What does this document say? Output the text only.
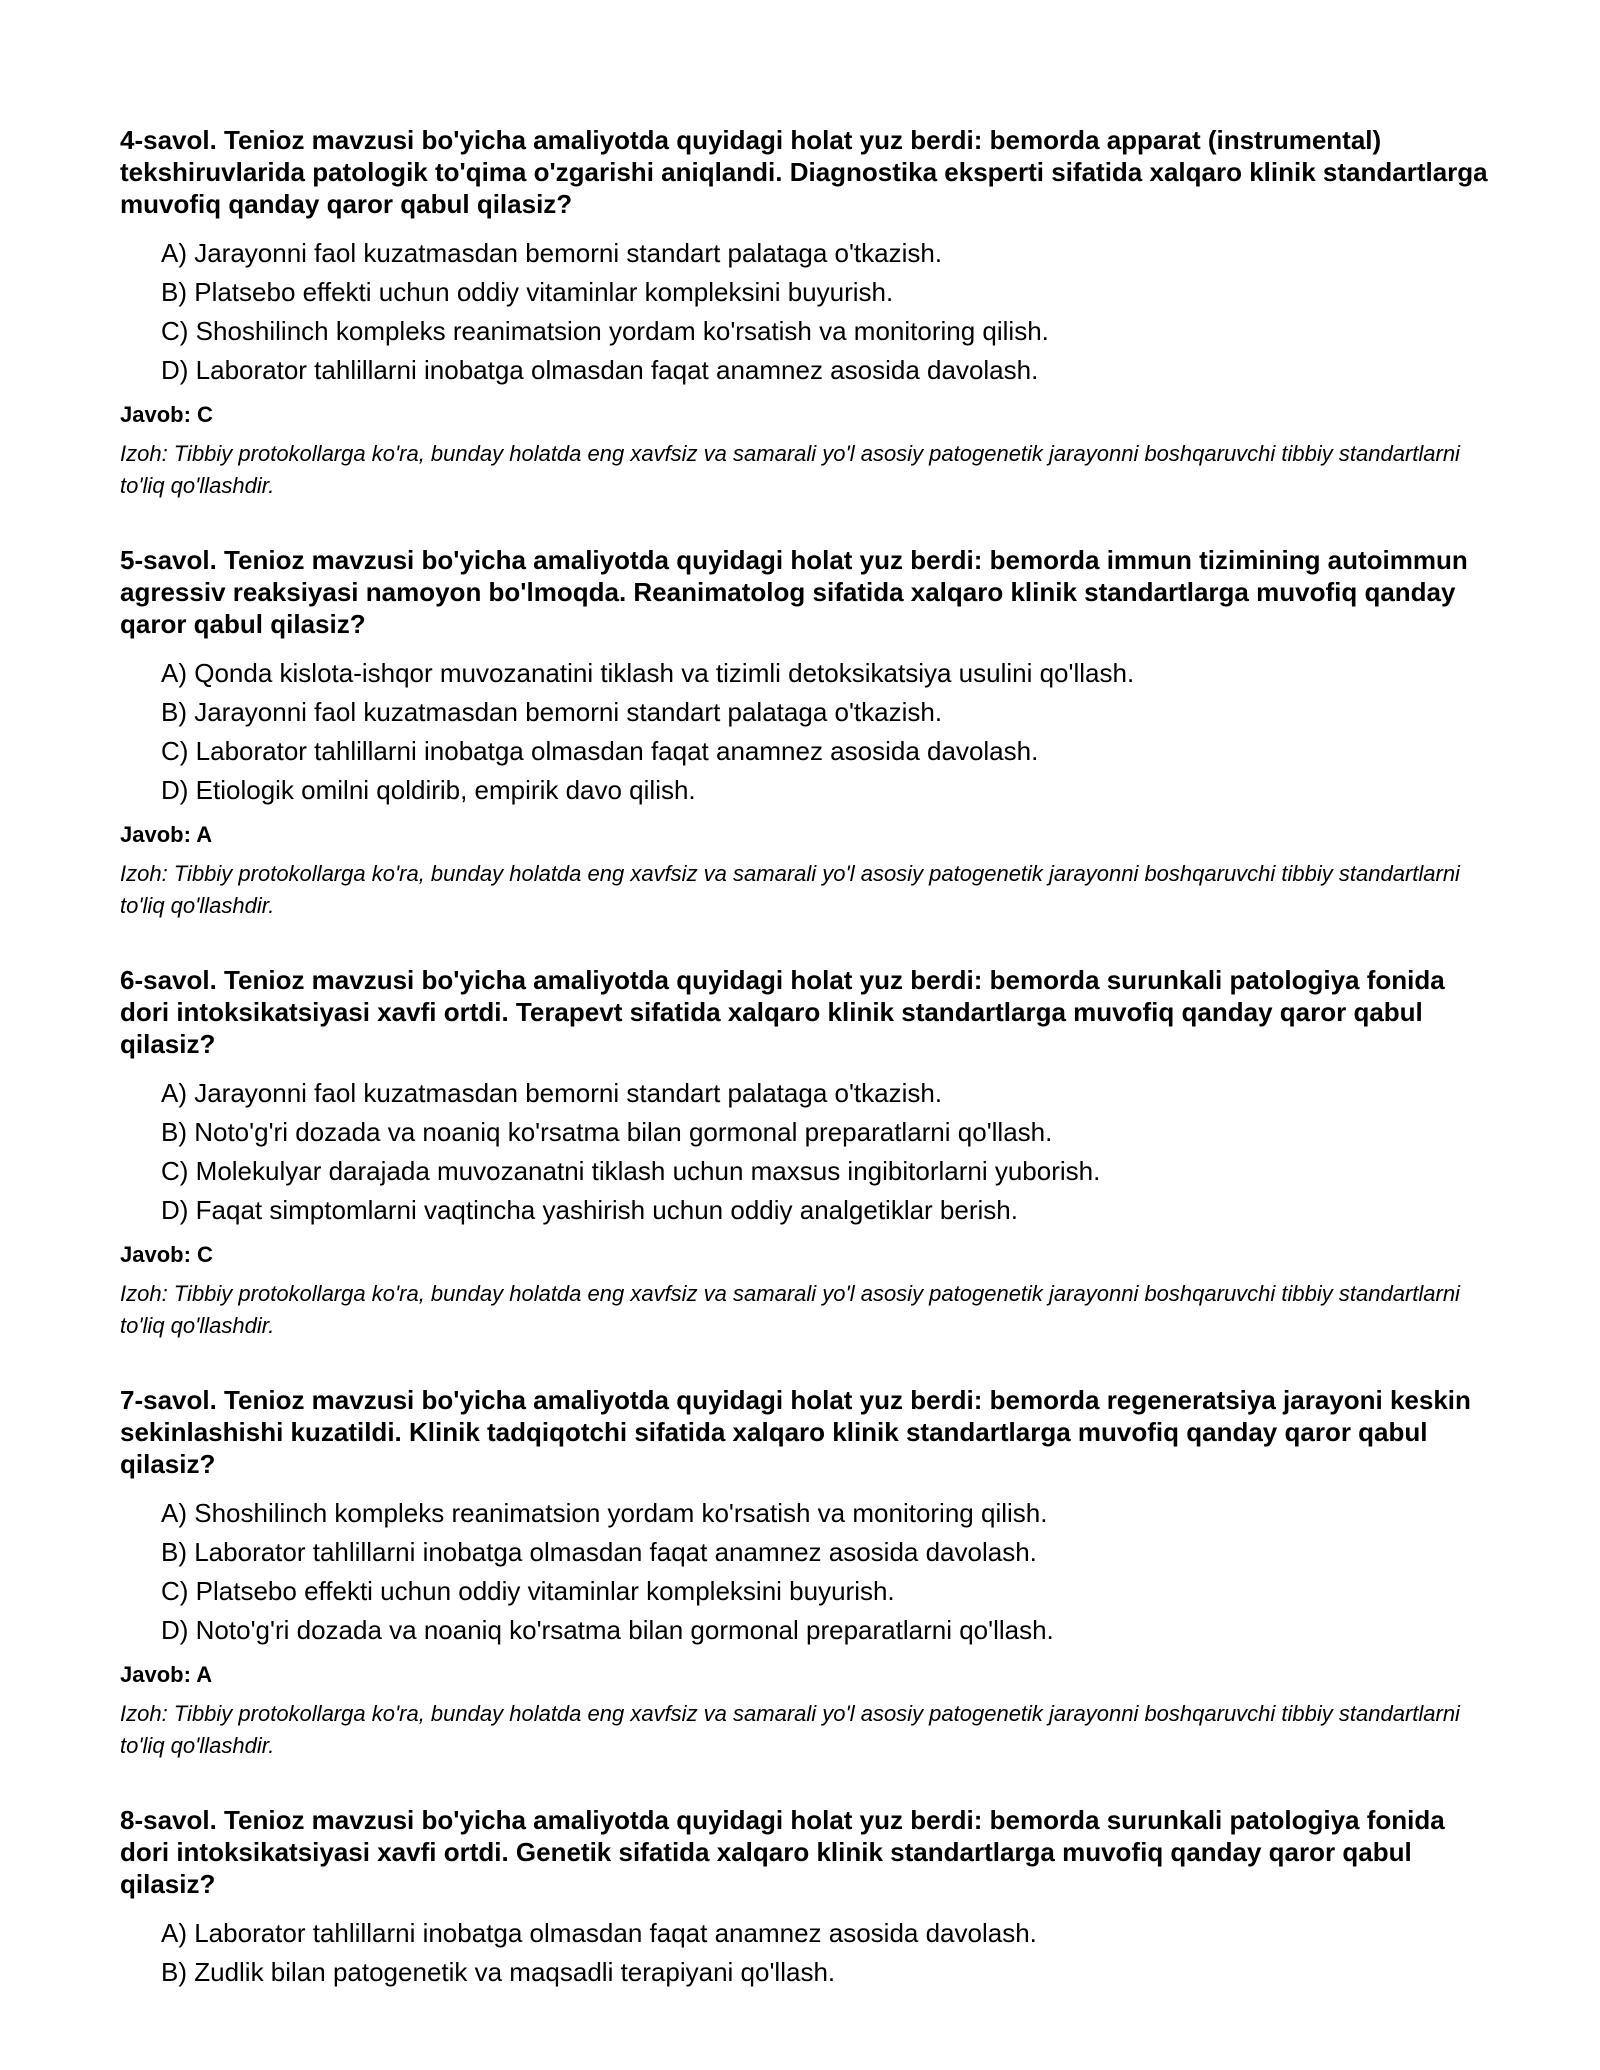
4-savol. Tenioz mavzusi bo'yicha amaliyotda quyidagi holat yuz berdi: bemorda apparat (instrumental) tekshiruvlarida patologik to'qima o'zgarishi aniqlandi. Diagnostika eksperti sifatida xalqaro klinik standartlarga muvofiq qanday qaror qabul qilasiz?

A) Jarayonni faol kuzatmasdan bemorni standart palataga o'tkazish.
B) Platsebo effekti uchun oddiy vitaminlar kompleksini buyurish.
C) Shoshilinch kompleks reanimatsion yordam ko'rsatish va monitoring qilish.
D) Laborator tahlillarni inobatga olmasdan faqat anamnez asosida davolash.
Javob: C

Izoh: Tibbiy protokollarga ko'ra, bunday holatda eng xavfsiz va samarali yo'l asosiy patogenetik jarayonni boshqaruvchi tibbiy standartlarni to'liq qo'llashdir.

5-savol. Tenioz mavzusi bo'yicha amaliyotda quyidagi holat yuz berdi: bemorda immun tizimining autoimmun agressiv reaksiyasi namoyon bo'lmoqda. Reanimatolog sifatida xalqaro klinik standartlarga muvofiq qanday qaror qabul qilasiz?

A) Qonda kislota-ishqor muvozanatini tiklash va tizimli detoksikatsiya usulini qo'llash.
B) Jarayonni faol kuzatmasdan bemorni standart palataga o'tkazish.
C) Laborator tahlillarni inobatga olmasdan faqat anamnez asosida davolash.
D) Etiologik omilni qoldirib, empirik davo qilish.
Javob: A

Izoh: Tibbiy protokollarga ko'ra, bunday holatda eng xavfsiz va samarali yo'l asosiy patogenetik jarayonni boshqaruvchi tibbiy standartlarni to'liq qo'llashdir.

6-savol. Tenioz mavzusi bo'yicha amaliyotda quyidagi holat yuz berdi: bemorda surunkali patologiya fonida dori intoksikatsiyasi xavfi ortdi. Terapevt sifatida xalqaro klinik standartlarga muvofiq qanday qaror qabul qilasiz?

A) Jarayonni faol kuzatmasdan bemorni standart palataga o'tkazish.
B) Noto'g'ri dozada va noaniq ko'rsatma bilan gormonal preparatlarni qo'llash.
C) Molekulyar darajada muvozanatni tiklash uchun maxsus ingibitorlarni yuborish.
D) Faqat simptomlarni vaqtincha yashirish uchun oddiy analgetiklar berish.
Javob: C

Izoh: Tibbiy protokollarga ko'ra, bunday holatda eng xavfsiz va samarali yo'l asosiy patogenetik jarayonni boshqaruvchi tibbiy standartlarni to'liq qo'llashdir.

7-savol. Tenioz mavzusi bo'yicha amaliyotda quyidagi holat yuz berdi: bemorda regeneratsiya jarayoni keskin sekinlashishi kuzatildi. Klinik tadqiqotchi sifatida xalqaro klinik standartlarga muvofiq qanday qaror qabul qilasiz?

A) Shoshilinch kompleks reanimatsion yordam ko'rsatish va monitoring qilish.
B) Laborator tahlillarni inobatga olmasdan faqat anamnez asosida davolash.
C) Platsebo effekti uchun oddiy vitaminlar kompleksini buyurish.
D) Noto'g'ri dozada va noaniq ko'rsatma bilan gormonal preparatlarni qo'llash.
Javob: A

Izoh: Tibbiy protokollarga ko'ra, bunday holatda eng xavfsiz va samarali yo'l asosiy patogenetik jarayonni boshqaruvchi tibbiy standartlarni to'liq qo'llashdir.

8-savol. Tenioz mavzusi bo'yicha amaliyotda quyidagi holat yuz berdi: bemorda surunkali patologiya fonida dori intoksikatsiyasi xavfi ortdi. Genetik sifatida xalqaro klinik standartlarga muvofiq qanday qaror qabul qilasiz?

A) Laborator tahlillarni inobatga olmasdan faqat anamnez asosida davolash.
B) Zudlik bilan patogenetik va maqsadli terapiyani qo'llash.
